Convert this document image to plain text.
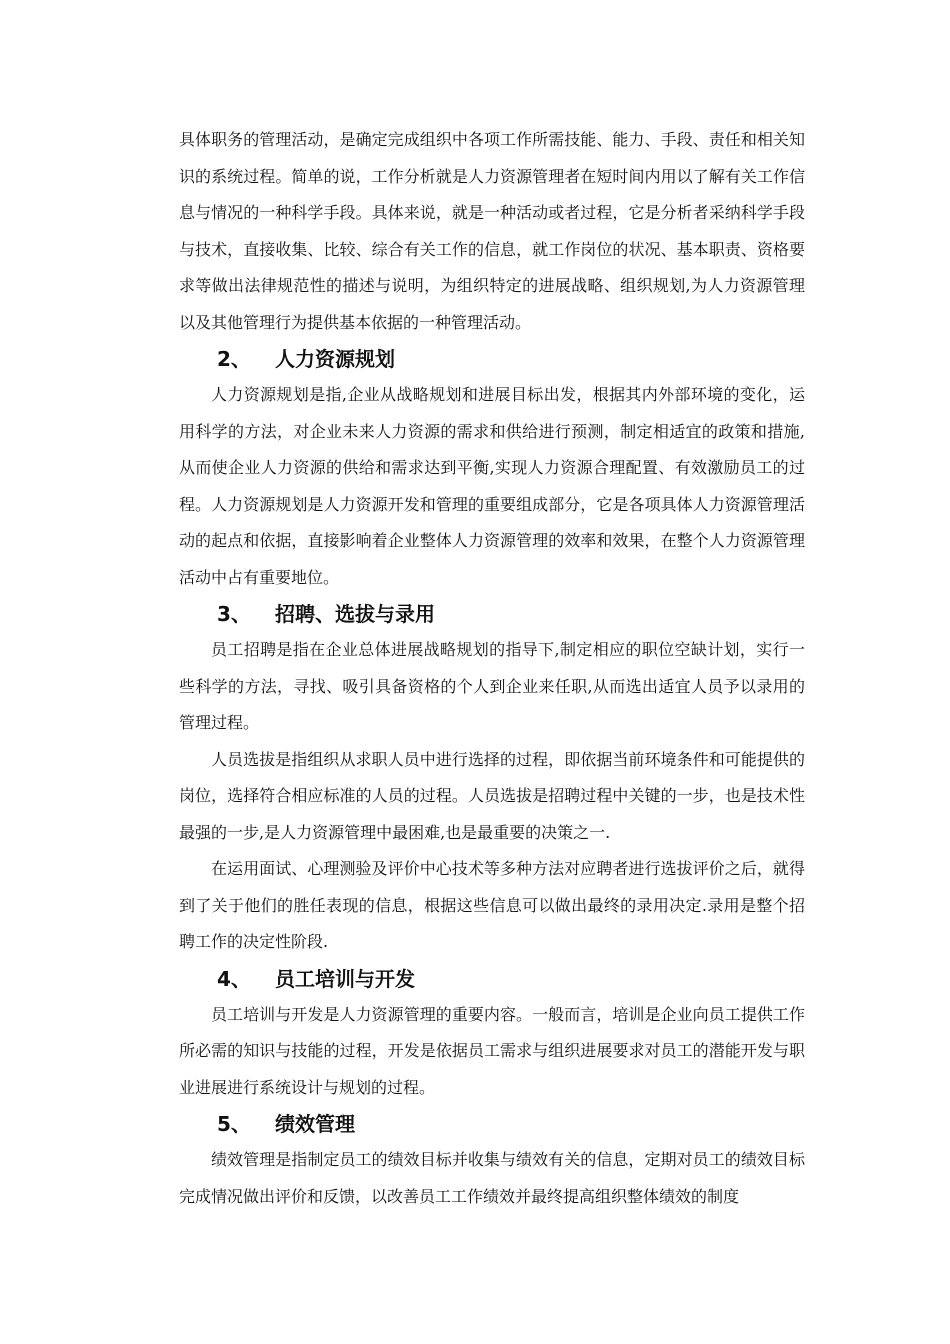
具体职务的管理活动，是确定完成组织中各项工作所需技能、能力、手段、责任和相关知识的系统过程。简单的说，工作分析就是人力资源管理者在短时间内用以了解有关工作信息与情况的一种科学手段。具体来说，就是一种活动或者过程，它是分析者采纳科学手段与技术，直接收集、比较、综合有关工作的信息，就工作岗位的状况、基本职责、资格要求等做出法律规范性的描述与说明，为组织特定的进展战略、组织规划,为人力资源管理以及其他管理行为提供基本依据的一种管理活动。

2、 人力资源规划

人力资源规划是指,企业从战略规划和进展目标出发，根据其内外部环境的变化，运用科学的方法，对企业未来人力资源的需求和供给进行预测，制定相适宜的政策和措施,从而使企业人力资源的供给和需求达到平衡,实现人力资源合理配置、有效激励员工的过程。人力资源规划是人力资源开发和管理的重要组成部分，它是各项具体人力资源管理活动的起点和依据，直接影响着企业整体人力资源管理的效率和效果，在整个人力资源管理活动中占有重要地位。

3、 招聘、选拔与录用

员工招聘是指在企业总体进展战略规划的指导下,制定相应的职位空缺计划，实行一些科学的方法，寻找、吸引具备资格的个人到企业来任职,从而选出适宜人员予以录用的管理过程。

人员选拔是指组织从求职人员中进行选择的过程，即依据当前环境条件和可能提供的岗位，选择符合相应标准的人员的过程。人员选拔是招聘过程中关键的一步，也是技术性最强的一步,是人力资源管理中最困难,也是最重要的决策之一.

在运用面试、心理测验及评价中心技术等多种方法对应聘者进行选拔评价之后，就得到了关于他们的胜任表现的信息，根据这些信息可以做出最终的录用决定.录用是整个招聘工作的决定性阶段.

4、 员工培训与开发

员工培训与开发是人力资源管理的重要内容。一般而言，培训是企业向员工提供工作所必需的知识与技能的过程，开发是依据员工需求与组织进展要求对员工的潜能开发与职业进展进行系统设计与规划的过程。

5、 绩效管理

绩效管理是指制定员工的绩效目标并收集与绩效有关的信息，定期对员工的绩效目标完成情况做出评价和反馈，以改善员工工作绩效并最终提高组织整体绩效的制度
